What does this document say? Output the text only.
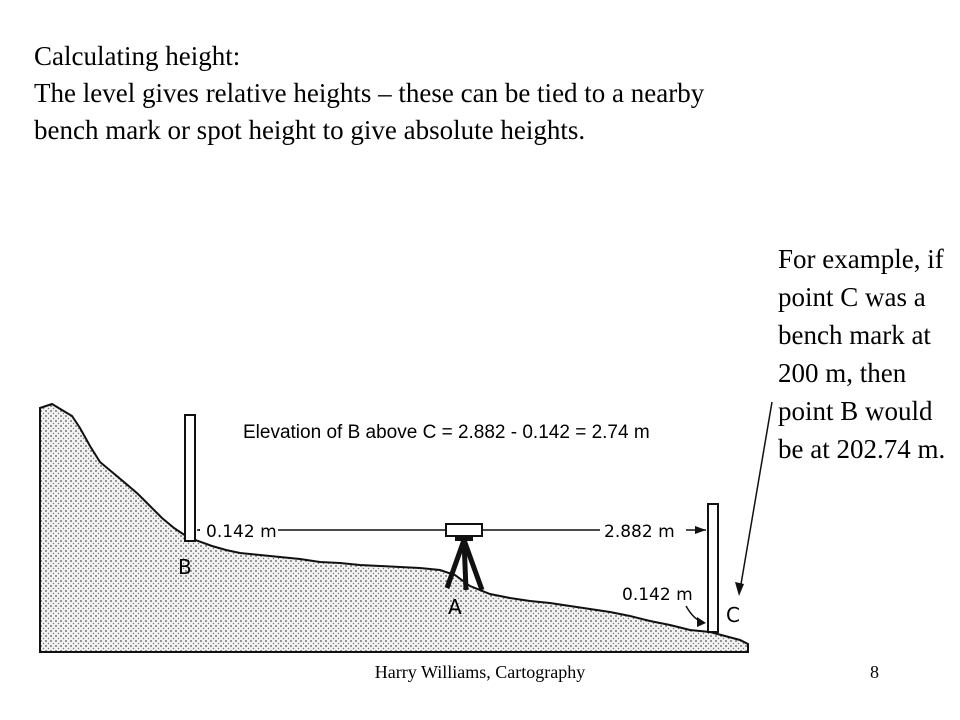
Calculating height:
The level gives relative heights – these can be tied to a nearby
bench mark or spot height to give absolute heights.
0.142 m	2.882 m
B
A	C
0.142 m
Elevation of B above C = 2.882 - 0.142 = 2.74 m
For example, if point C was a bench mark at 200 m, then point B would be at 202.74 m.
Harry Williams, Cartography	8
